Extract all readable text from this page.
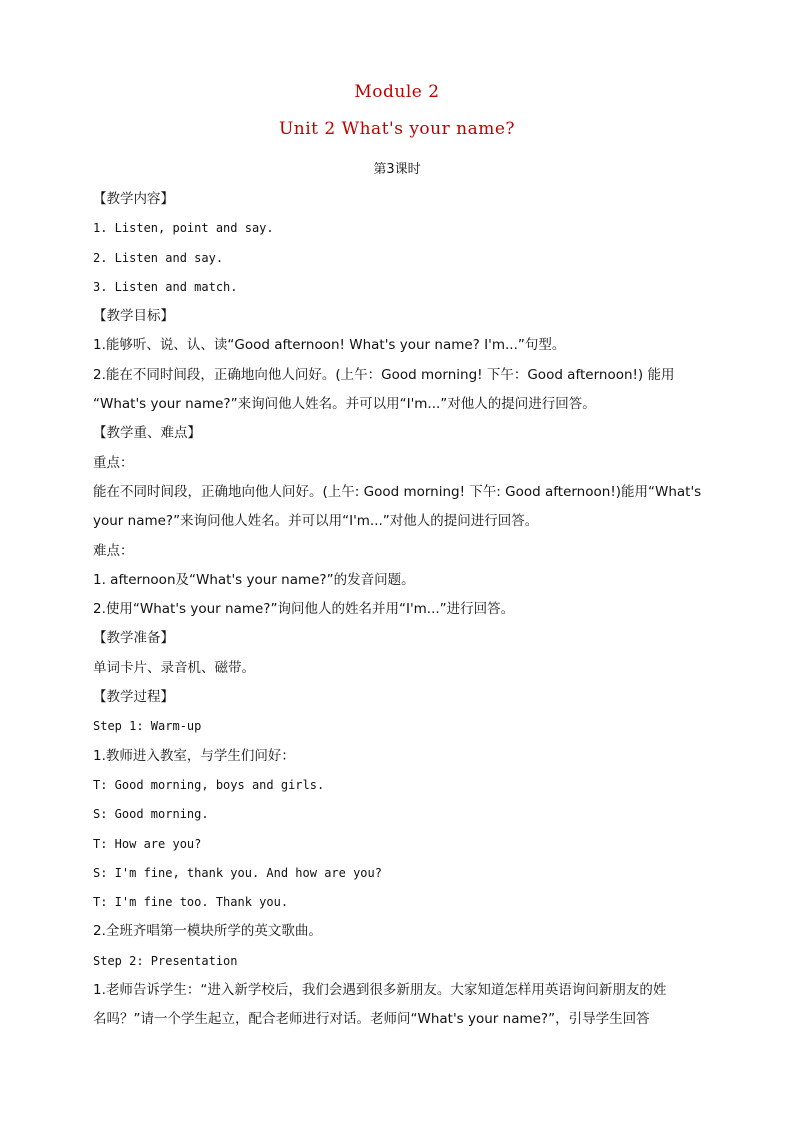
Module 2
Unit 2 What's your name?
第3课时
【教学内容】
1. Listen, point and say.
2. Listen and say.
3. Listen and match.
【教学目标】
1.能够听、说、认、读“Good afternoon! What's your name? I'm...”句型。
2.能在不同时间段，正确地向他人问好。(上午：Good morning! 下午：Good afternoon!) 能用
“What's your name?”来询问他人姓名。并可以用“I'm...”对他人的提问进行回答。
【教学重、难点】
重点：
能在不同时间段，正确地向他人问好。(上午: Good morning! 下午: Good afternoon!)能用“What's
your name?”来询问他人姓名。并可以用“I'm...”对他人的提问进行回答。
难点：
1. afternoon及“What's your name?”的发音问题。
2.使用“What's your name?”询问他人的姓名并用“I'm...”进行回答。
【教学准备】
单词卡片、录音机、磁带。
【教学过程】
Step 1: Warm-up
1.教师进入教室，与学生们问好：
T: Good morning, boys and girls.
S: Good morning.
T: How are you?
S: I'm fine, thank you. And how are you?
T: I'm fine too. Thank you.
2.全班齐唱第一模块所学的英文歌曲。
Step 2: Presentation
1.老师告诉学生：“进入新学校后，我们会遇到很多新朋友。大家知道怎样用英语询问新朋友的姓
名吗？”请一个学生起立，配合老师进行对话。老师问“What's your name?”，引导学生回答
